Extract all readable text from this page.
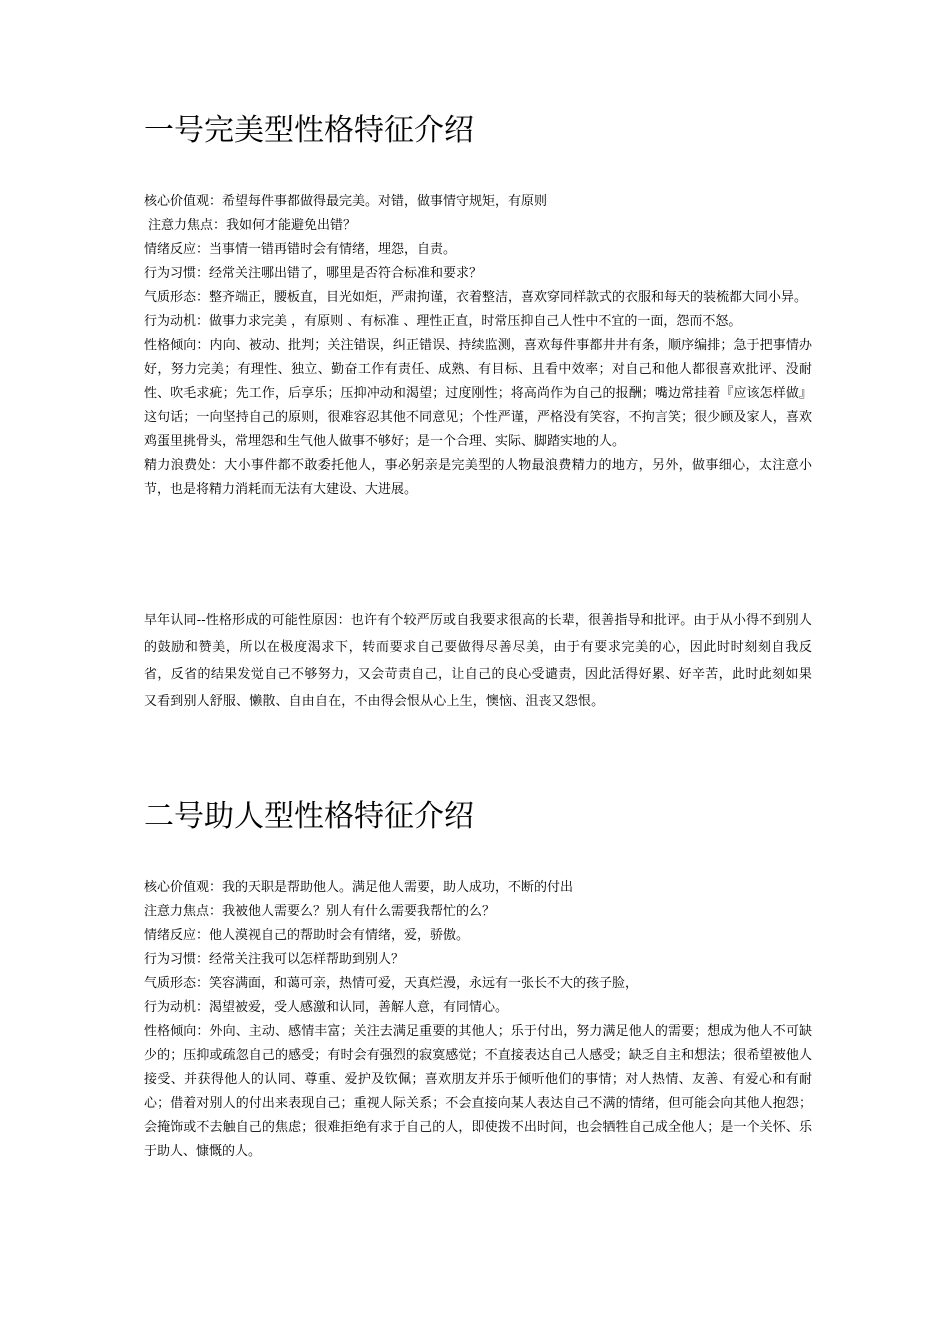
一号完美型性格特征介绍

核心价值观：希望每件事都做得最完美。对错，做事情守规矩，有原则

注意力焦点：我如何才能避免出错？

情绪反应：当事情一错再错时会有情绪，埋怨，自责。

行为习惯：经常关注哪出错了，哪里是否符合标准和要求？

气质形态：整齐端正，腰板直，目光如炬，严肃拘谨，衣着整洁，喜欢穿同样款式的衣服和每天的装梳都大同小异。

行为动机：做事力求完美 ，有原则 、有标准 、理性正直，时常压抑自己人性中不宜的一面，怨而不怒。

性格倾向：内向、被动、批判；关注错误，纠正错误、持续监测，喜欢每件事都井井有条，顺序编排；急于把事情办好，努力完美；有理性、独立、勤奋工作有责任、成熟、有目标、且看中效率；对自己和他人都很喜欢批评、没耐性、吹毛求疵；先工作，后享乐；压抑冲动和渴望；过度刚性；将高尚作为自己的报酬；嘴边常挂着『应该怎样做』这句话；一向坚持自己的原则，很难容忍其他不同意见；个性严谨，严格没有笑容，不拘言笑；很少顾及家人，喜欢鸡蛋里挑骨头，常埋怨和生气他人做事不够好；是一个合理、实际、脚踏实地的人。

精力浪费处：大小事件都不敢委托他人，事必躬亲是完美型的人物最浪费精力的地方，另外，做事细心，太注意小节，也是将精力消耗而无法有大建设、大进展。

早年认同--性格形成的可能性原因：也许有个较严厉或自我要求很高的长辈，很善指导和批评。由于从小得不到别人的鼓励和赞美，所以在极度渴求下，转而要求自己要做得尽善尽美，由于有要求完美的心，因此时时刻刻自我反省，反省的结果发觉自己不够努力，又会苛责自己，让自己的良心受谴责，因此活得好累、好辛苦，此时此刻如果又看到别人舒服、懒散、自由自在，不由得会恨从心上生，懊恼、沮丧又怨恨。

二号助人型性格特征介绍

核心价值观：我的天职是帮助他人。满足他人需要，助人成功，不断的付出

注意力焦点：我被他人需要么？别人有什么需要我帮忙的么？

情绪反应：他人漠视自己的帮助时会有情绪，爱，骄傲。

行为习惯：经常关注我可以怎样帮助到别人？

气质形态：笑容满面，和蔼可亲，热情可爱，天真烂漫，永远有一张长不大的孩子脸，

行为动机：渴望被爱，受人感激和认同，善解人意，有同情心。

性格倾向：外向、主动、感情丰富；关注去满足重要的其他人；乐于付出，努力满足他人的需要；想成为他人不可缺少的；压抑或疏忽自己的感受；有时会有强烈的寂寞感觉；不直接表达自己人感受；缺乏自主和想法；很希望被他人接受、并获得他人的认同、尊重、爱护及钦佩；喜欢朋友并乐于倾听他们的事情；对人热情、友善、有爱心和有耐心；借着对别人的付出来表现自己；重视人际关系；不会直接向某人表达自己不满的情绪，但可能会向其他人抱怨；会掩饰或不去触自己的焦虑；很难拒绝有求于自己的人，即使拨不出时间，也会牺牲自己成全他人；是一个关怀、乐于助人、慷慨的人。
